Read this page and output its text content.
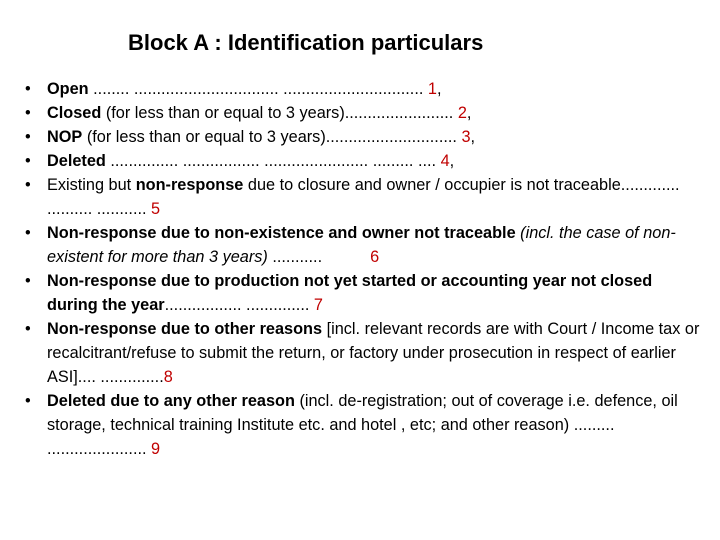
Block A : Identification particulars
• Open ........ ................................ ............................... 1,
• Closed (for less than or equal to 3 years)........................ 2,
• NOP (for less than or equal to 3 years)............................. 3,
• Deleted ............... ................. ....................... ......... .... 4,
• Existing but non-response due to closure and owner / occupier is not traceable............. .......... ........... 5
• Non-response due to non-existence and owner not traceable (incl. the case of non-existent for more than 3 years) ...........	6
• Non-response due to production not yet started or accounting year not closed during the year................. .............. 7
• Non-response due to other reasons [incl. relevant records are with Court / Income tax or recalcitrant/refuse to submit the return, or factory under prosecution in respect of earlier ASI].... ..............8
• Deleted due to any other reason (incl. de-registration; out of coverage i.e. defence, oil storage, technical training Institute etc. and hotel , etc; and other reason) ......... ...................... 9
